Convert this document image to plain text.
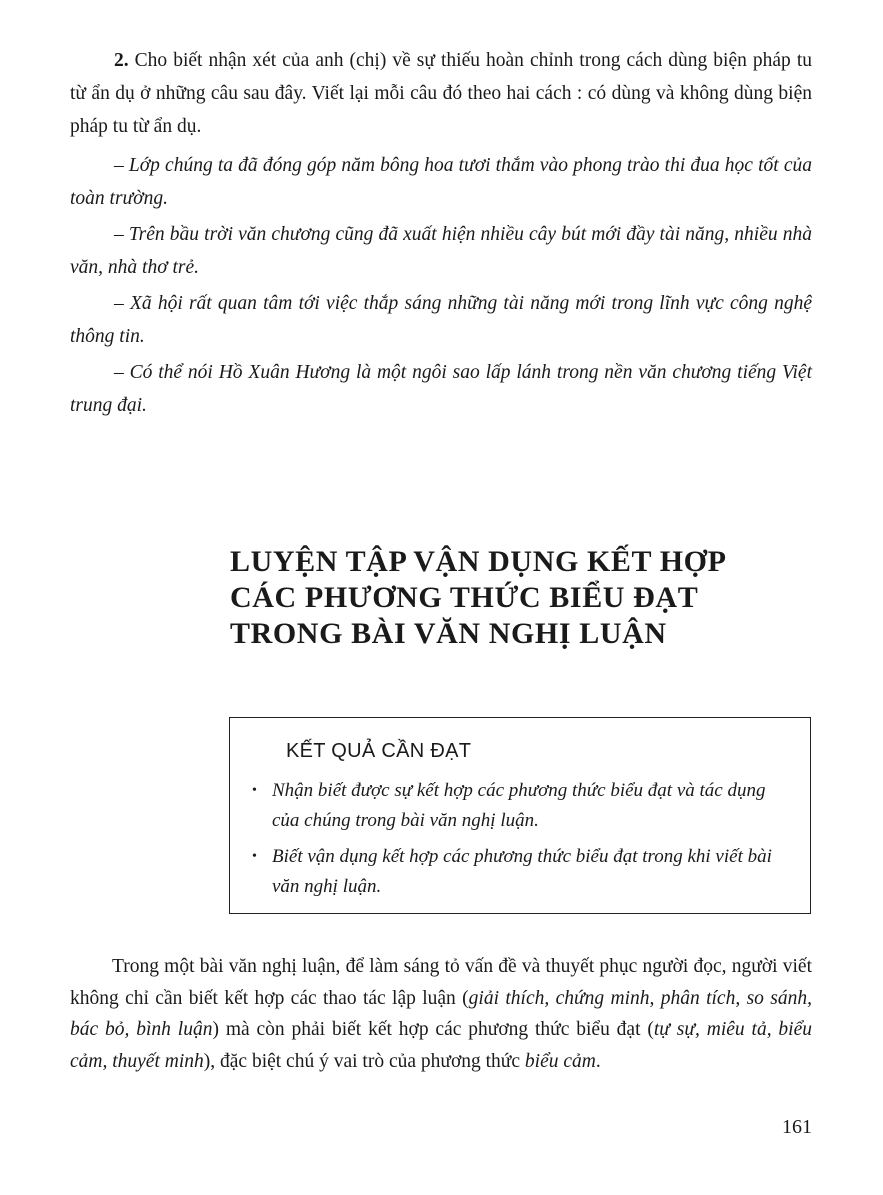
2. Cho biết nhận xét của anh (chị) về sự thiếu hoàn chỉnh trong cách dùng biện pháp tu từ ẩn dụ ở những câu sau đây. Viết lại mỗi câu đó theo hai cách : có dùng và không dùng biện pháp tu từ ẩn dụ.

– Lớp chúng ta đã đóng góp năm bông hoa tươi thắm vào phong trào thi đua học tốt của toàn trường.

– Trên bầu trời văn chương cũng đã xuất hiện nhiều cây bút mới đầy tài năng, nhiều nhà văn, nhà thơ trẻ.

– Xã hội rất quan tâm tới việc thắp sáng những tài năng mới trong lĩnh vực công nghệ thông tin.

– Có thể nói Hồ Xuân Hương là một ngôi sao lấp lánh trong nền văn chương tiếng Việt trung đại.

LUYỆN TẬP VẬN DỤNG KẾT HỢP
CÁC PHƯƠNG THỨC BIỂU ĐẠT
TRONG BÀI VĂN NGHỊ LUẬN
KẾT QUẢ CẦN ĐẠT
• Nhận biết được sự kết hợp các phương thức biểu đạt và tác dụng của chúng trong bài văn nghị luận.
• Biết vận dụng kết hợp các phương thức biểu đạt trong khi viết bài văn nghị luận.

Trong một bài văn nghị luận, để làm sáng tỏ vấn đề và thuyết phục người đọc, người viết không chỉ cần biết kết hợp các thao tác lập luận (giải thích, chứng minh, phân tích, so sánh, bác bỏ, bình luận) mà còn phải biết kết hợp các phương thức biểu đạt (tự sự, miêu tả, biểu cảm, thuyết minh), đặc biệt chú ý vai trò của phương thức biểu cảm.

161
